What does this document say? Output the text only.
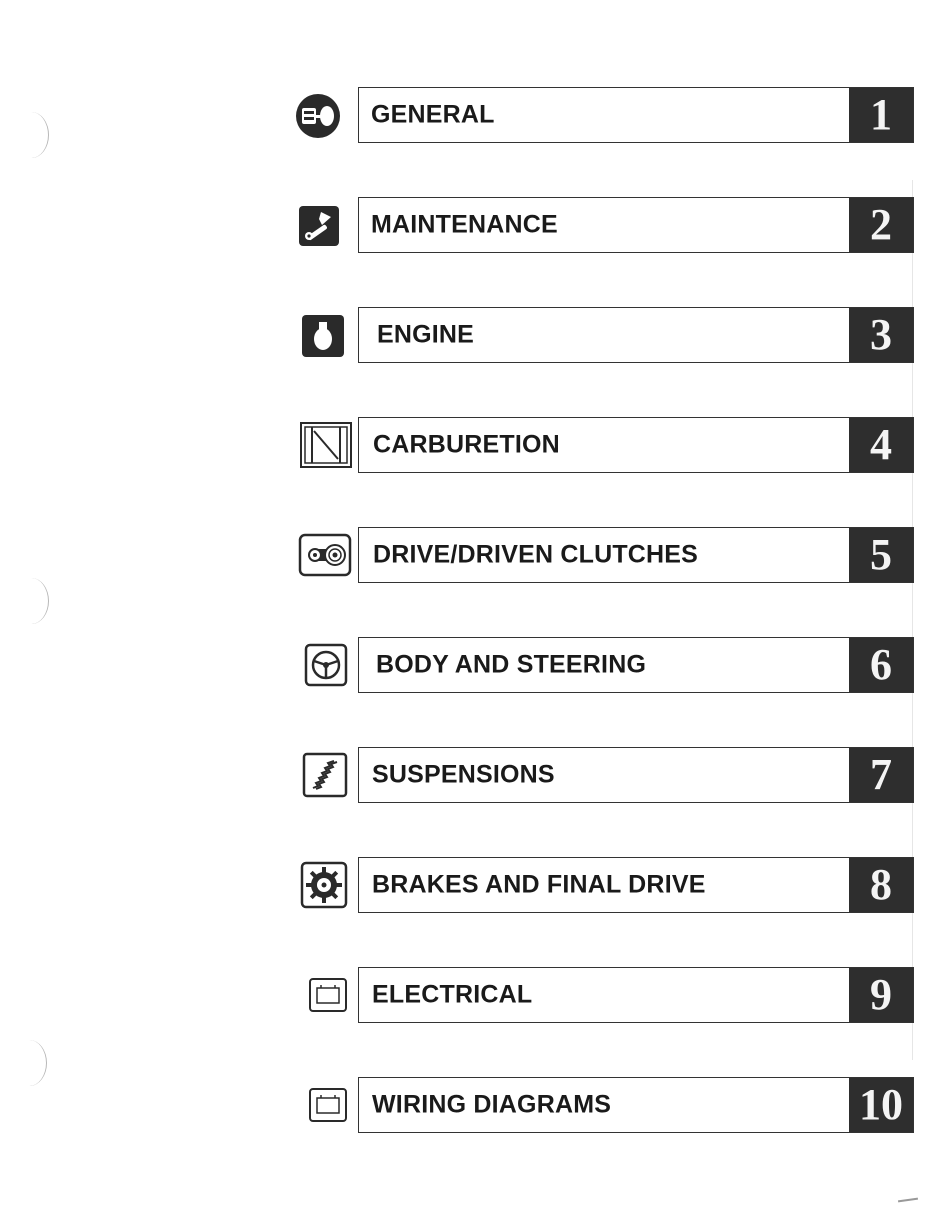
GENERAL	1
MAINTENANCE	2
ENGINE	3
CARBURETION	4
DRIVE/DRIVEN CLUTCHES	5
BODY AND STEERING	6
SUSPENSIONS	7
BRAKES AND FINAL DRIVE	8
ELECTRICAL	9
WIRING DIAGRAMS	10
